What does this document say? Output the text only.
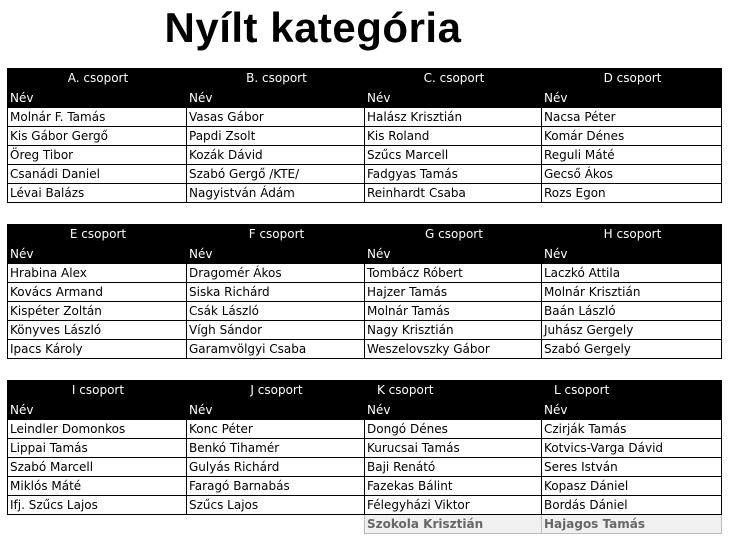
Nyílt kategória
A. csoport	B. csoport	C. csoport	D csoport
Név	Név	Név	Név
Molnár F. Tamás	Vasas Gábor	Halász Krisztián	Nacsa Péter
Kis Gábor Gergő	Papdi Zsolt	Kis Roland	Komár Dénes
Öreg Tibor	Kozák Dávid	Szűcs Marcell	Reguli Máté
Csanádi Daniel	Szabó Gergő /KTE/	Fadgyas Tamás	Gecső Ákos
Lévai Balázs	Nagyistván Ádám	Reinhardt Csaba	Rozs Egon
E csoport	F csoport	G csoport	H csoport
Név	Név	Név	Név
Hrabina Alex	Dragomér Ákos	Tombácz Róbert	Laczkó Attila
Kovács Armand	Siska Richárd	Hajzer Tamás	Molnár Krisztián
Kispéter Zoltán	Csák László	Molnár Tamás	Baán László
Könyves László	Vígh Sándor	Nagy Krisztián	Juhász Gergely
Ipacs Károly	Garamvölgyi Csaba	Weszelovszky Gábor	Szabó Gergely
I csoport	J csoport	K csoport	L csoport
Név	Név	Név	Név
Leindler Domonkos	Konc Péter	Dongó Dénes	Czirják Tamás
Lippai Tamás	Benkó Tihamér	Kurucsai Tamás	Kotvics-Varga Dávid
Szabó Marcell	Gulyás Richárd	Baji Renátó	Seres István
Miklós Máté	Faragó Barnabás	Fazekas Bálint	Kopasz Dániel
Ifj. Szűcs Lajos	Szűcs Lajos	Félegyházi Viktor	Bordás Dániel
		Szokola Krisztián	Hajagos Tamás
